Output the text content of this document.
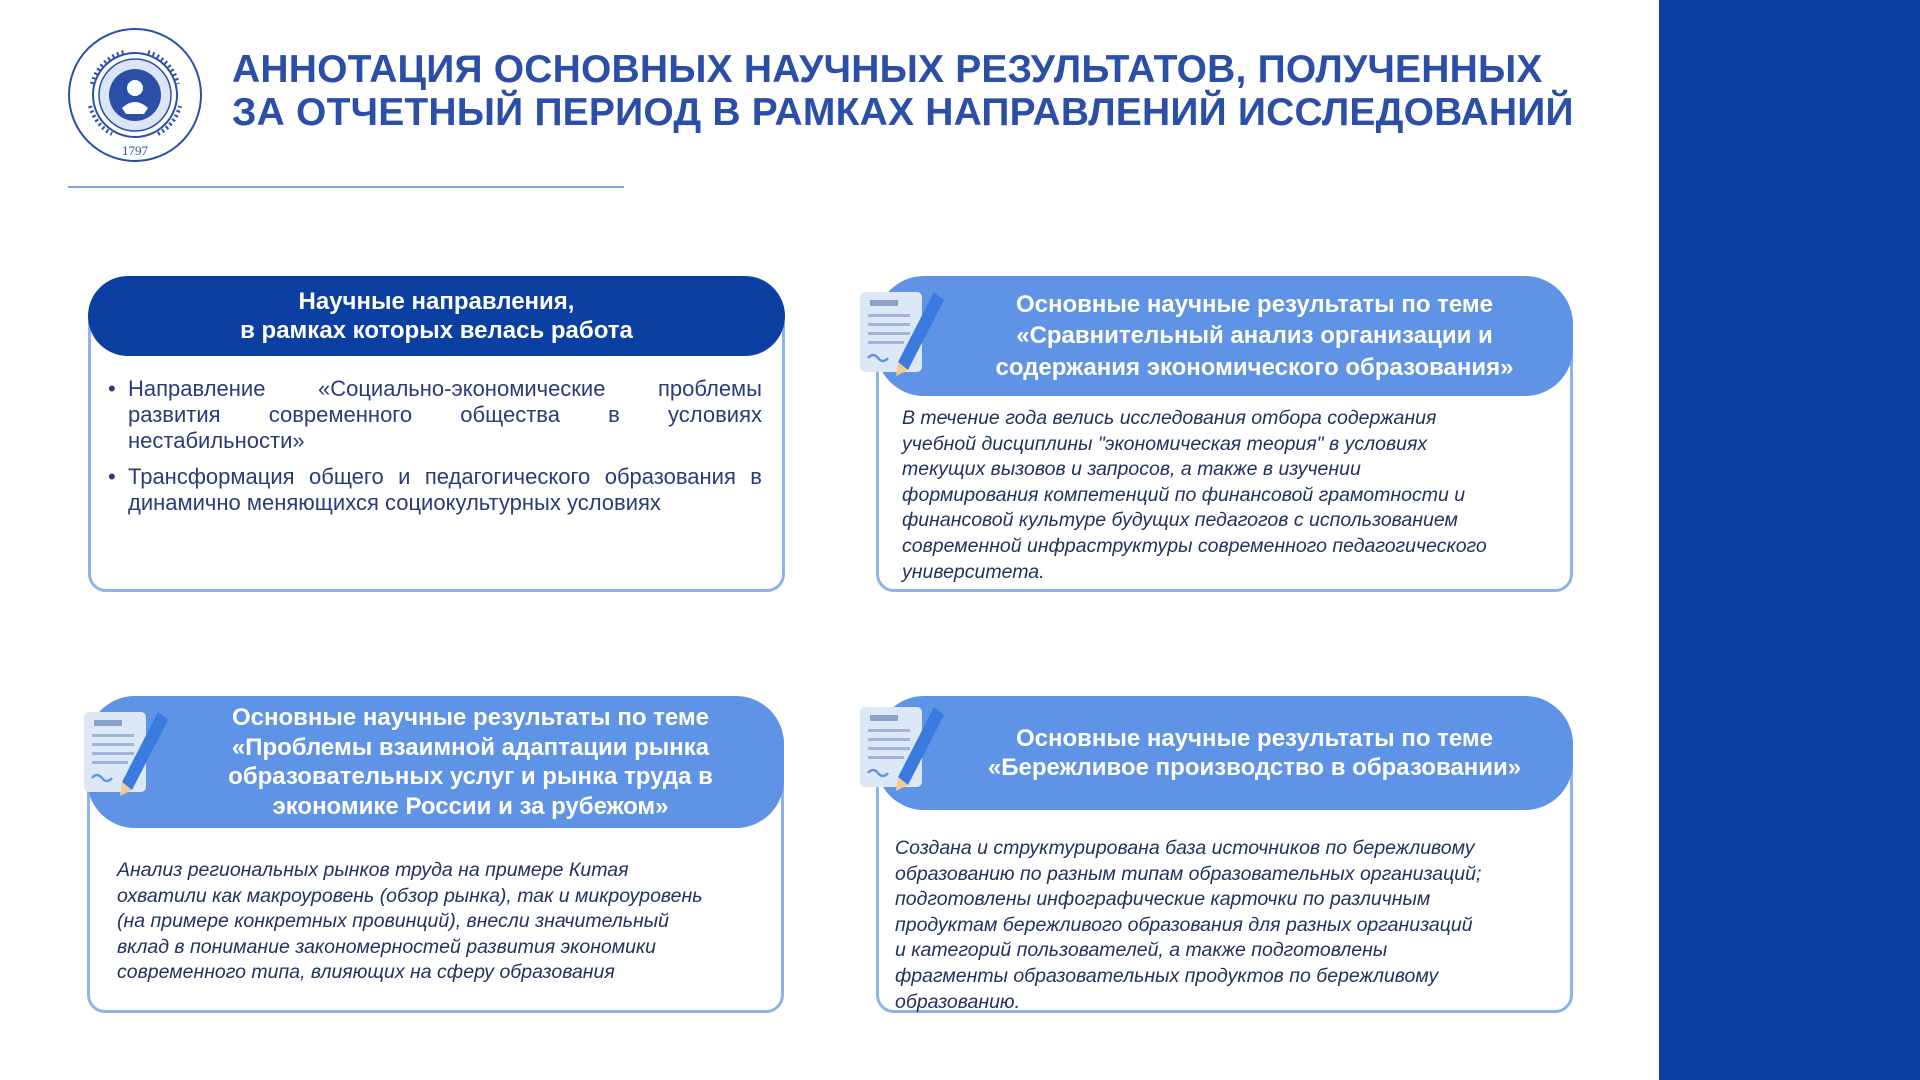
1797
АННОТАЦИЯ ОСНОВНЫХ НАУЧНЫХ РЕЗУЛЬТАТОВ, ПОЛУЧЕННЫХ
ЗА ОТЧЕТНЫЙ ПЕРИОД В РАМКАХ НАПРАВЛЕНИЙ ИССЛЕДОВАНИЙ
Научные направления,
в рамках которых велась работа
• Направление «Социально-экономические проблемы развития современного общества в условиях нестабильности»
• Трансформация общего и педагогического образования в динамично меняющихся социокультурных условиях
Основные научные результаты по теме
«Сравнительный анализ организации и
содержания экономического образования»
В течение года велись исследования отбора содержания
учебной дисциплины "экономическая теория" в условиях
текущих вызовов и запросов, а также в изучении
формирования компетенций по финансовой грамотности и
финансовой культуре будущих педагогов с использованием
современной инфраструктуры современного педагогического
университета.
Основные научные результаты по теме
«Проблемы взаимной адаптации рынка
образовательных услуг и рынка труда в
экономике России и за рубежом»
Анализ региональных рынков труда на примере Китая
охватили как макроуровень (обзор рынка), так и микроуровень
(на примере конкретных провинций), внесли значительный
вклад в понимание закономерностей развития экономики
современного типа, влияющих на сферу образования
Основные научные результаты по теме
«Бережливое производство в образовании»
Создана и структурирована база источников по бережливому
образованию по разным типам образовательных организаций;
подготовлены инфографические карточки по различным
продуктам бережливого образования для разных организаций
и категорий пользователей, а также подготовлены
фрагменты образовательных продуктов по бережливому
образованию.
